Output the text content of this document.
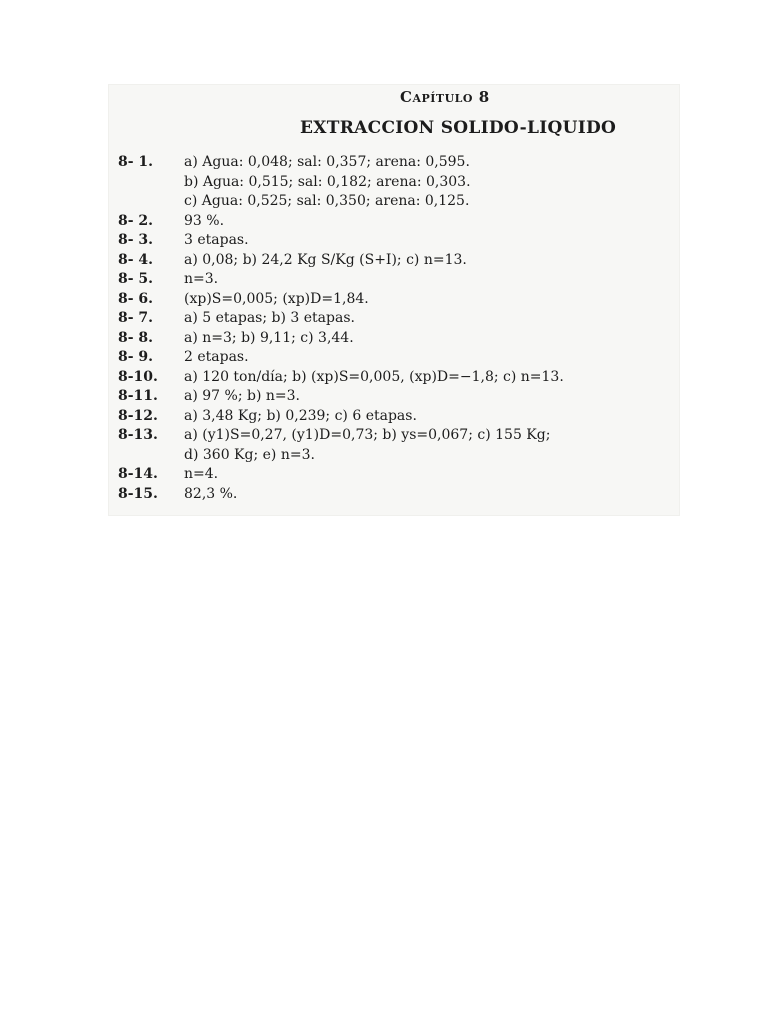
Capítulo 8
EXTRACCION SOLIDO-LIQUIDO
8- 1. a) Agua: 0,048; sal: 0,357; arena: 0,595.
b) Agua: 0,515; sal: 0,182; arena: 0,303.
c) Agua: 0,525; sal: 0,350; arena: 0,125.
8- 2. 93 %.
8- 3. 3 etapas.
8- 4. a) 0,08; b) 24,2 Kg S/Kg (S+I); c) n=13.
8- 5. n=3.
8- 6. (xp)S=0,005; (xp)D=1,84.
8- 7. a) 5 etapas; b) 3 etapas.
8- 8. a) n=3; b) 9,11; c) 3,44.
8- 9. 2 etapas.
8-10. a) 120 ton/día; b) (xp)S=0,005, (xp)D=−1,8; c) n=13.
8-11. a) 97 %; b) n=3.
8-12. a) 3,48 Kg; b) 0,239; c) 6 etapas.
8-13. a) (y1)S=0,27, (y1)D=0,73; b) ys=0,067; c) 155 Kg;
d) 360 Kg; e) n=3.
8-14. n=4.
8-15. 82,3 %.
